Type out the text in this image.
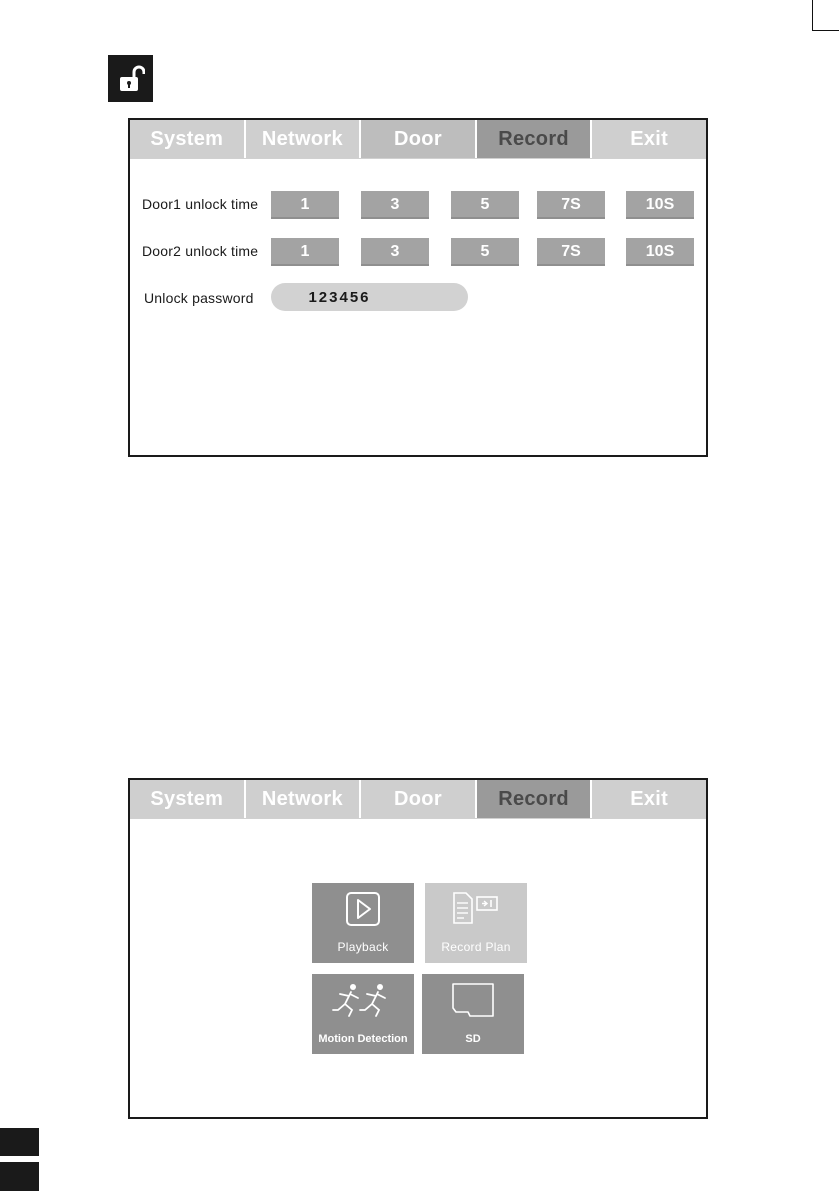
System	Network	Door	Record	Exit
Door1 unlock time	1	3	5	7S	10S
Door2 unlock time	1	3	5	7S	10S
Unlock password
123456
System	Network	Door	Record	Exit
Playback	Record Plan
Motion Detection	SD
